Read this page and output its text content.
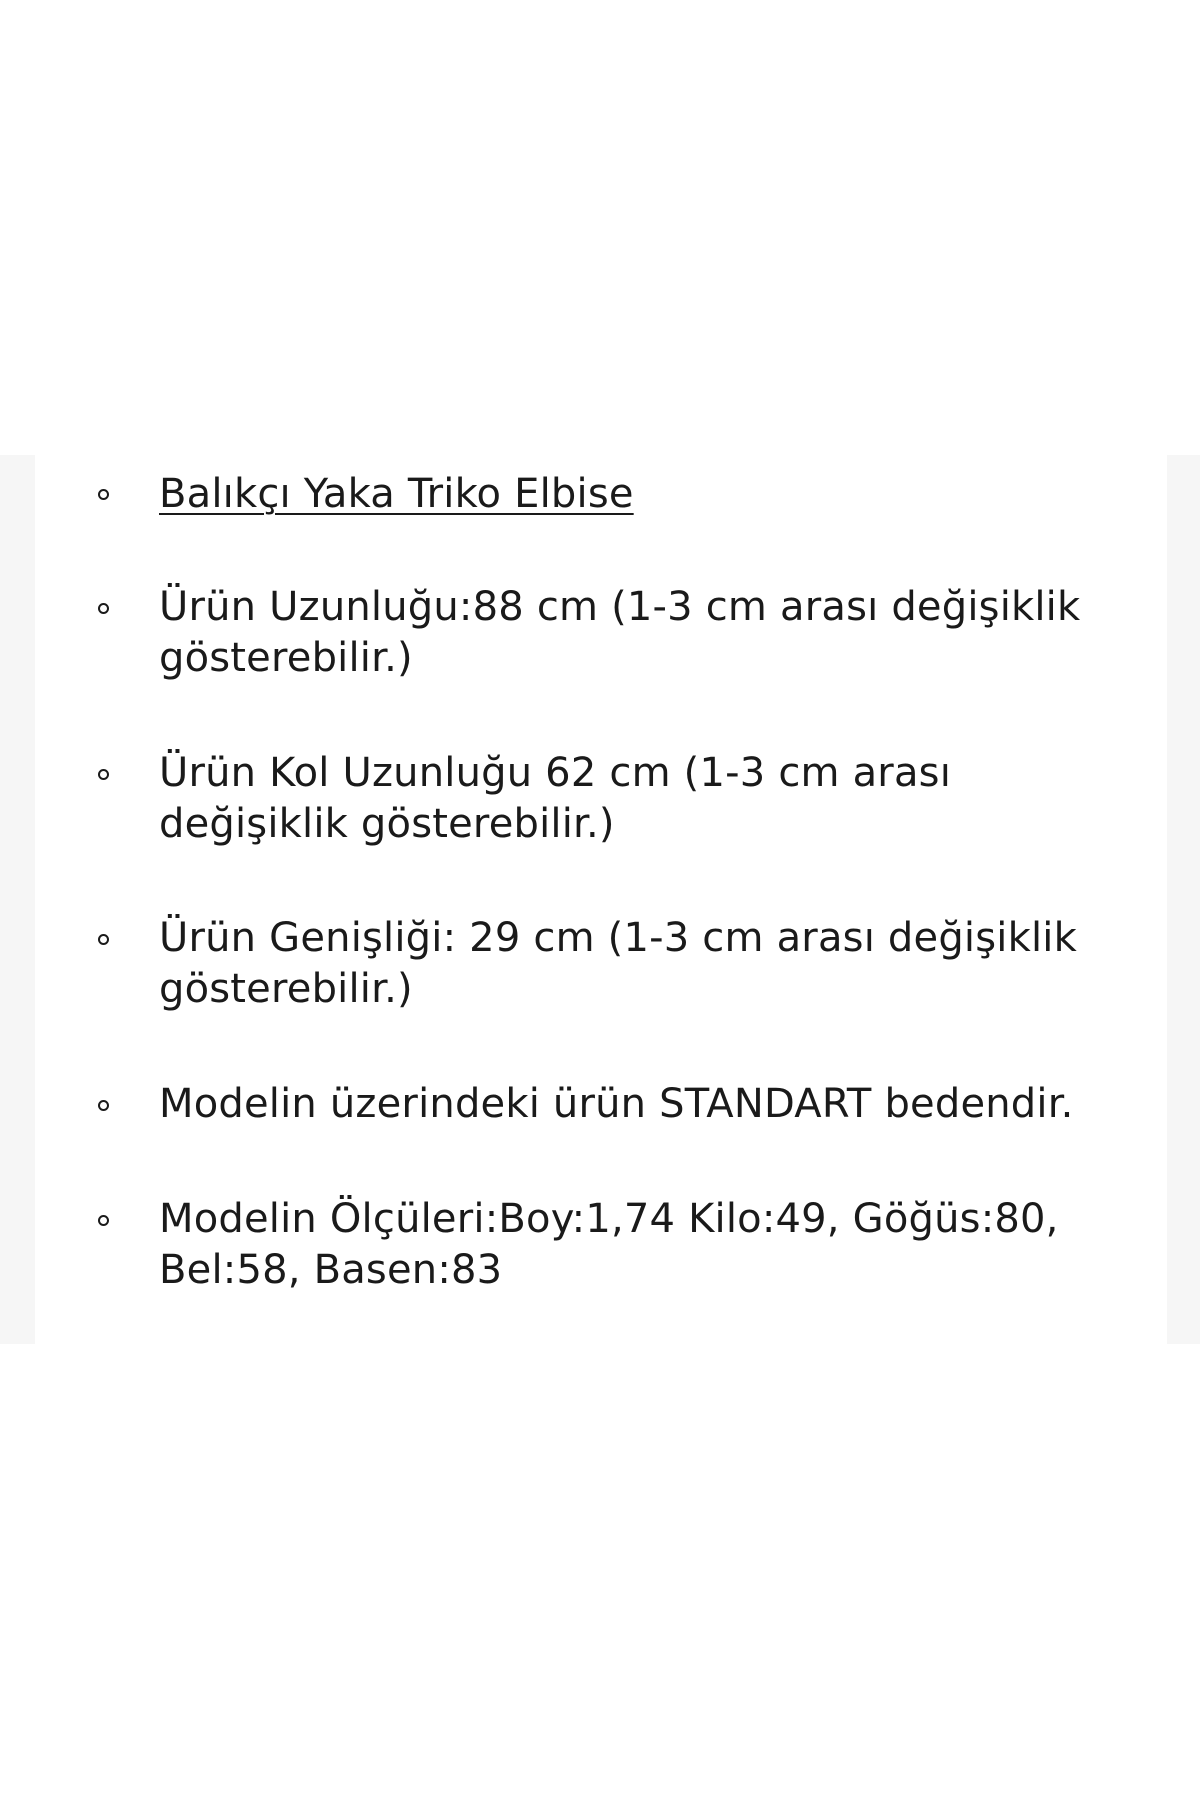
Balıkçı Yaka Triko Elbise
Ürün Uzunluğu:88 cm (1-3 cm arası değişiklik gösterebilir.)
Ürün Kol Uzunluğu 62 cm (1-3 cm arası değişiklik gösterebilir.)
Ürün Genişliği: 29 cm (1-3 cm arası değişiklik gösterebilir.)
Modelin üzerindeki ürün STANDART bedendir.
Modelin Ölçüleri:Boy:1,74 Kilo:49, Göğüs:80, Bel:58, Basen:83
